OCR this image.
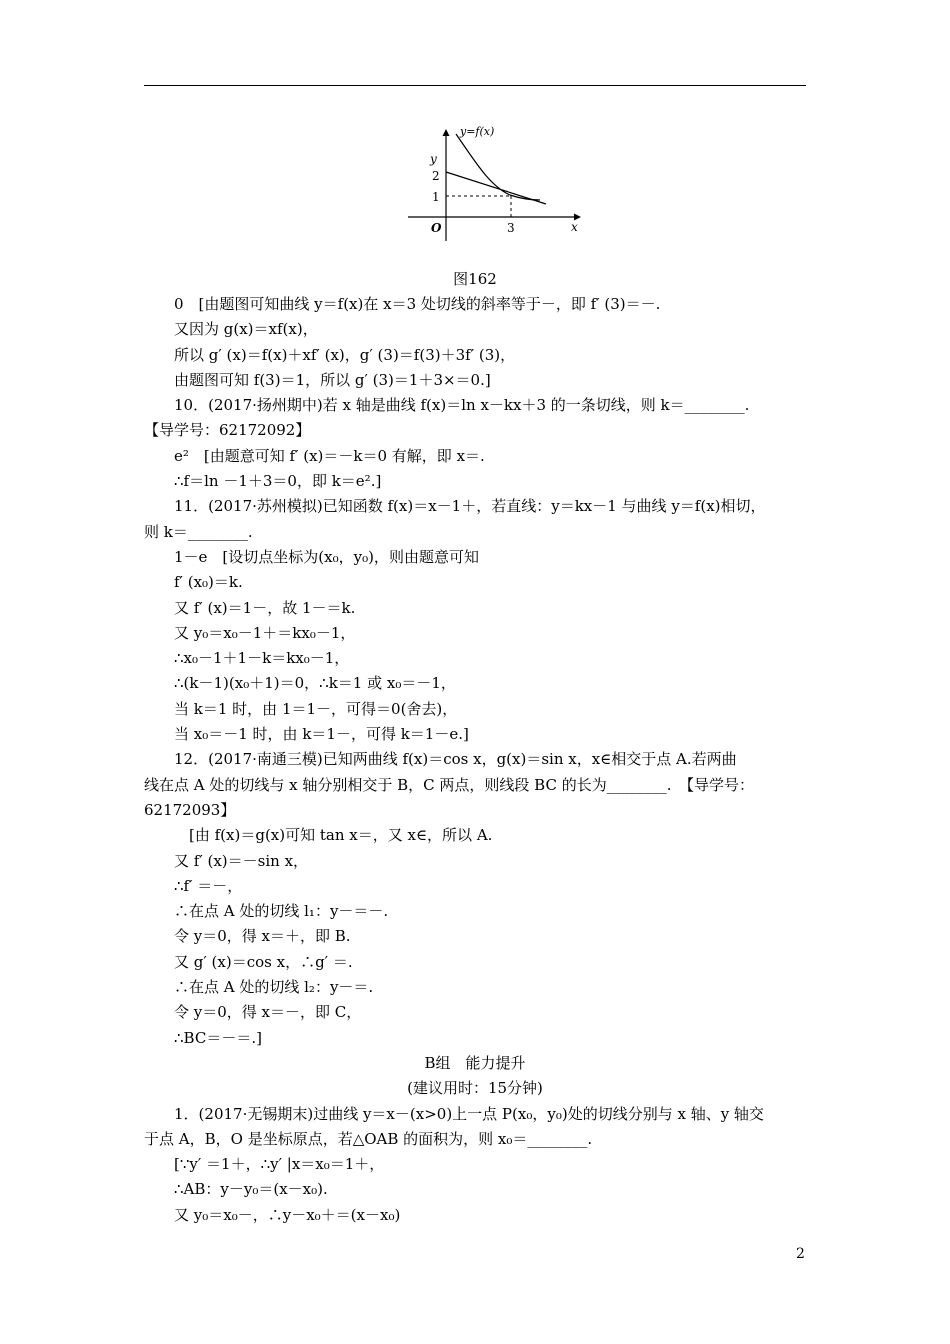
y=f(x)
y
x
O
2
1
3
图162
0　[由题图可知曲线 y＝f(x)在 x＝3 处切线的斜率等于－，即 f′ (3)＝－.
又因为 g(x)＝xf(x)，
所以 g′ (x)＝f(x)＋xf′ (x)，g′ (3)＝f(3)＋3f′ (3)，
由题图可知 f(3)＝1，所以 g′ (3)＝1＋3×＝0.]
10．(2017·扬州期中)若 x 轴是曲线 f(x)＝ln x－kx＋3 的一条切线，则 k＝________.
【导学号：62172092】
e²　[由题意可知 f′ (x)＝－k＝0 有解，即 x＝.
∴f＝ln －1＋3＝0，即 k＝e².]
11．(2017·苏州模拟)已知函数 f(x)＝x－1＋，若直线：y＝kx－1 与曲线 y＝f(x)相切，
则 k＝________.
1－e　[设切点坐标为(x₀，y₀)，则由题意可知
f′ (x₀)＝k.
又 f′ (x)＝1－，故 1－＝k.
又 y₀＝x₀－1＋＝kx₀－1，
∴x₀－1＋1－k＝kx₀－1，
∴(k－1)(x₀＋1)＝0，∴k＝1 或 x₀＝－1，
当 k＝1 时，由 1＝1－，可得＝0(舍去)，
当 x₀＝－1 时，由 k＝1－，可得 k＝1－e.]
12．(2017·南通三模)已知两曲线 f(x)＝cos x，g(x)＝sin x，x∈相交于点 A.若两曲
线在点 A 处的切线与 x 轴分别相交于 B，C 两点，则线段 BC 的长为________.　【导学号：
62172093】
[由 f(x)＝g(x)可知 tan x＝，又 x∈，所以 A.
又 f′ (x)＝－sin x，
∴f′ ＝－，
∴在点 A 处的切线 l₁：y－＝－.
令 y＝0，得 x＝＋，即 B.
又 g′ (x)＝cos x，∴g′ ＝.
∴在点 A 处的切线 l₂：y－＝.
令 y＝0，得 x＝－，即 C，
∴BC＝－＝.]
B组　能力提升
(建议用时：15分钟)
1．(2017·无锡期末)过曲线 y＝x－(x>0)上一点 P(x₀，y₀)处的切线分别与 x 轴、y 轴交
于点 A，B，O 是坐标原点，若△OAB 的面积为，则 x₀＝________.
[∵y′ ＝1＋，∴y′ |x＝x₀＝1＋，
∴AB：y－y₀＝(x－x₀).
又 y₀＝x₀－，∴y－x₀＋＝(x－x₀)
2
